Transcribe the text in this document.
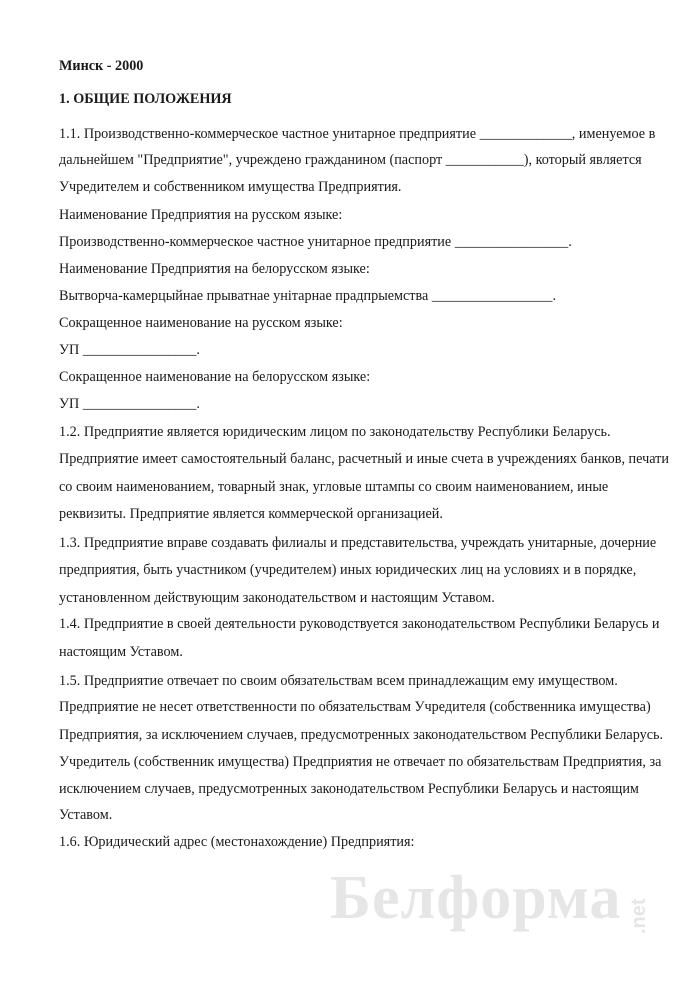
Минск - 2000
1. ОБЩИЕ ПОЛОЖЕНИЯ
1.1. Производственно-коммерческое частное унитарное предприятие _____________, именуемое в
дальнейшем "Предприятие", учреждено гражданином (паспорт ___________), который является
Учредителем и собственником имущества Предприятия.
Наименование Предприятия на русском языке:
Производственно-коммерческое частное унитарное предприятие ________________.
Наименование Предприятия на белорусском языке:
Вытворча-камерцыйнае прыватнае унітарнае прадпрыемства _________________.
Сокращенное наименование на русском языке:
УП ________________.
Сокращенное наименование на белорусском языке:
УП ________________.
1.2. Предприятие является юридическим лицом по законодательству Республики Беларусь.
Предприятие имеет самостоятельный баланс, расчетный и иные счета в учреждениях банков, печати
со своим наименованием, товарный знак, угловые штампы со своим наименованием, иные
реквизиты. Предприятие является коммерческой организацией.
1.3. Предприятие вправе создавать филиалы и представительства, учреждать унитарные, дочерние
предприятия, быть участником (учредителем) иных юридических лиц на условиях и в порядке,
установленном действующим законодательством и настоящим Уставом.
1.4. Предприятие в своей деятельности руководствуется законодательством Республики Беларусь и
настоящим Уставом.
1.5. Предприятие отвечает по своим обязательствам всем принадлежащим ему имуществом.
Предприятие не несет ответственности по обязательствам Учредителя (собственника имущества)
Предприятия, за исключением случаев, предусмотренных законодательством Республики Беларусь.
Учредитель (собственник имущества) Предприятия не отвечает по обязательствам Предприятия, за
исключением случаев, предусмотренных законодательством Республики Беларусь и настоящим
Уставом.
1.6. Юридический адрес (местонахождение) Предприятия:
Белформа .net
